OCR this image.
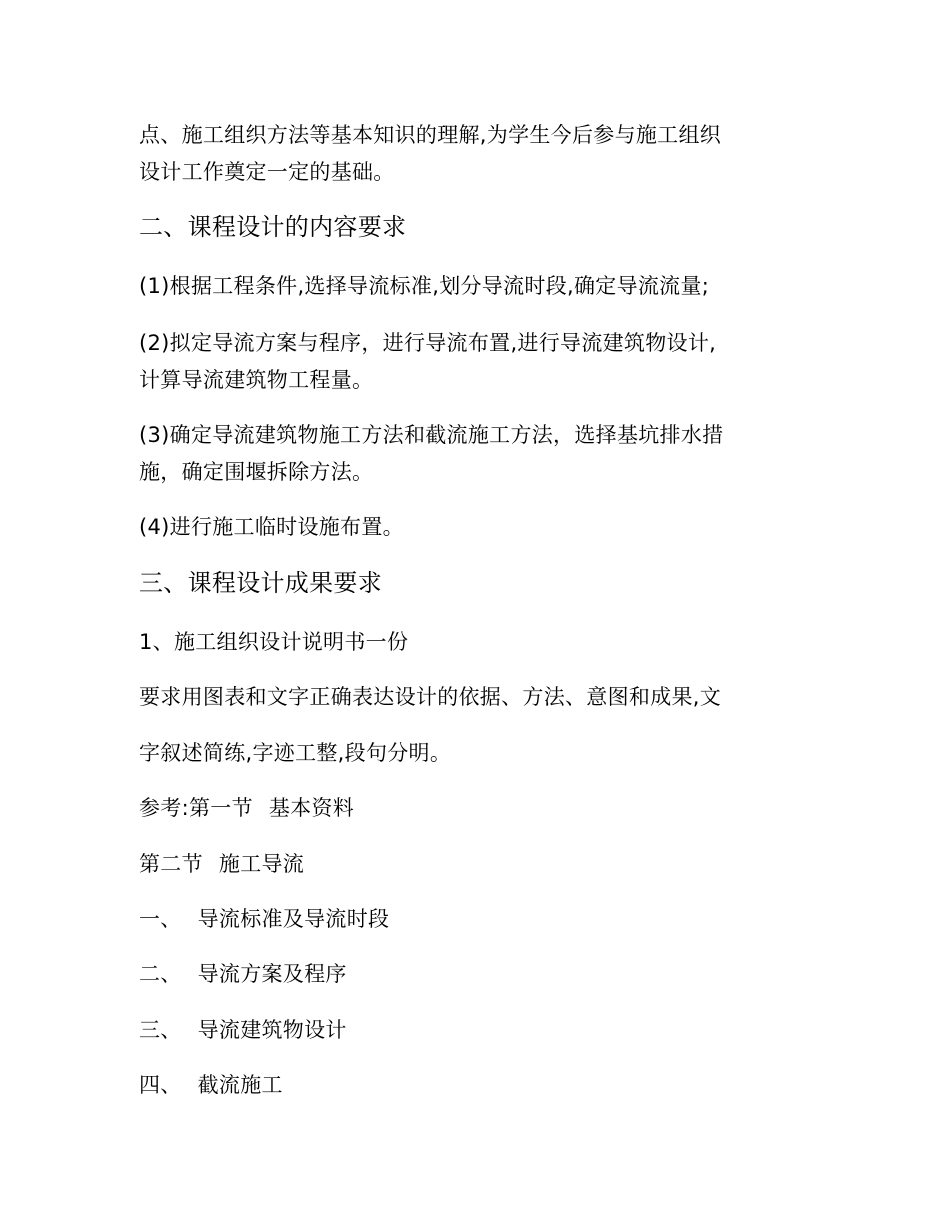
点、施工组织方法等基本知识的理解,为学生今后参与施工组织
设计工作奠定一定的基础。
二、课程设计的内容要求
(1)根据工程条件,选择导流标准,划分导流时段,确定导流流量;
(2)拟定导流方案与程序，进行导流布置,进行导流建筑物设计,
计算导流建筑物工程量。
(3)确定导流建筑物施工方法和截流施工方法，选择基坑排水措
施，确定围堰拆除方法。
(4)进行施工临时设施布置。
三、课程设计成果要求
1、施工组织设计说明书一份
要求用图表和文字正确表达设计的依据、方法、意图和成果,文
字叙述简练,字迹工整,段句分明。
参考:第一节 基本资料
第二节 施工导流
一、 导流标准及导流时段
二、 导流方案及程序
三、 导流建筑物设计
四、 截流施工
